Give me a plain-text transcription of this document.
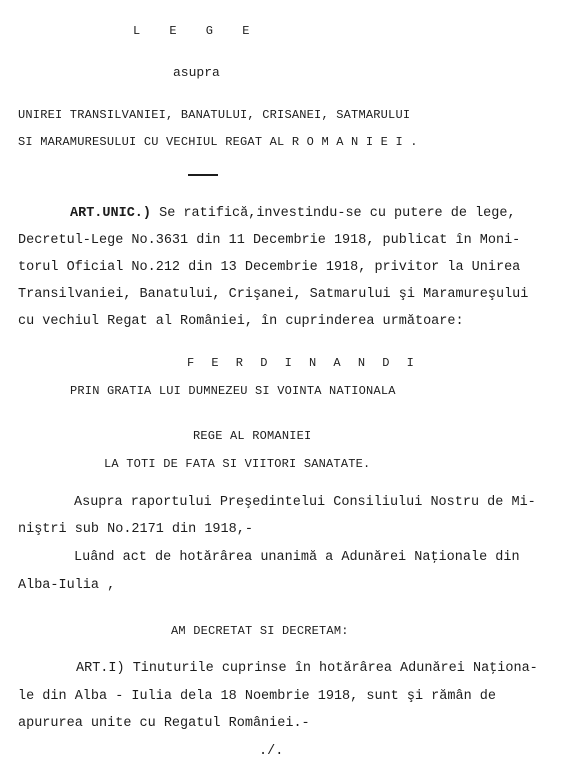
L E G E
asupra
UNIREI TRANSILVANIEI, BANATULUI, CRISANEI, SATMARULUI
SI MARAMURESULUI CU VECHIUL REGAT AL R O M A N I E I .
ART.UNIC.) Se ratifică,investindu-se cu putere de lege,
Decretul-Lege No.3631 din 11 Decembrie 1918, publicat în Moni-
torul Oficial No.212 din 13 Decembrie 1918, privitor la Unirea
Transilvaniei, Banatului, Crişanei, Satmarului şi Maramureşului
cu vechiul Regat al României, în cuprinderea următoare:
F E R D I N A N D I
PRIN GRATIA LUI DUMNEZEU SI VOINTA NATIONALA
REGE AL ROMANIEI
LA TOTI DE FATA SI VIITORI SANATATE.
Asupra raportului Preşedintelui Consiliului Nostru de Mi-
niştri sub No.2171 din 1918,-
Luând act de hotărârea unanimă a Adunărei Naţionale din
Alba-Iulia ,
AM DECRETAT SI DECRETAM:
ART.I) Tinuturile cuprinse în hotărârea Adunărei Naţiona-
le din Alba - Iulia dela 18 Noembrie 1918, sunt şi rămân de
apururea unite cu Regatul României.-
./.
